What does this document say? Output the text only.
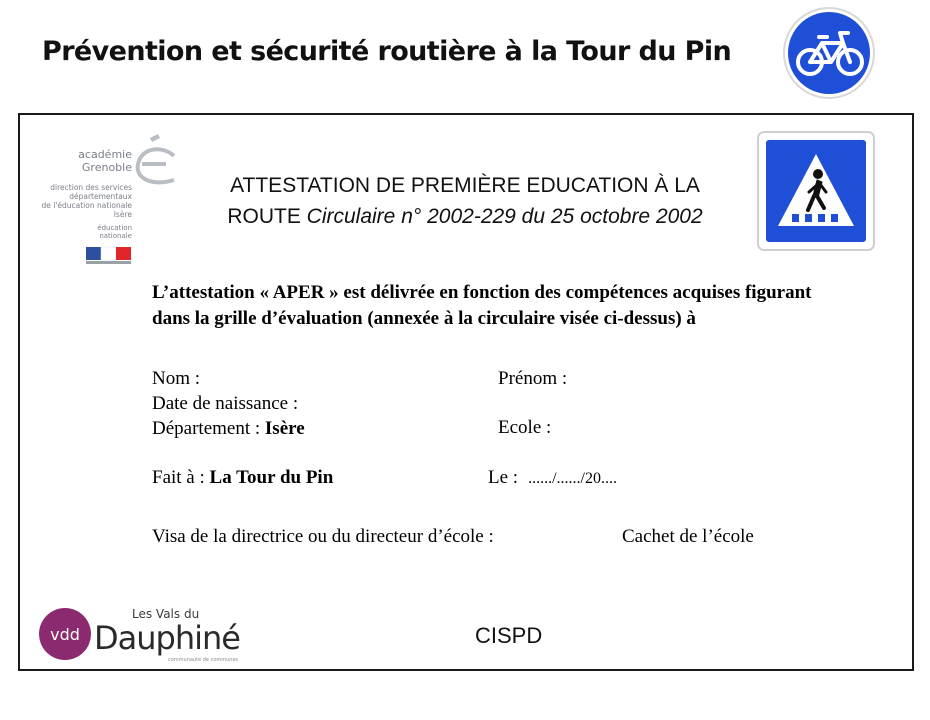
Prévention et sécurité routière à la Tour du Pin
académie
Grenoble
direction des services
départementaux
de l'éducation nationale
Isère
éducation
nationale
ATTESTATION DE PREMIÈRE EDUCATION À LA
ROUTE Circulaire n° 2002-229 du 25 octobre 2002
L’attestation « APER » est délivrée en fonction des compétences acquises figurant
dans la grille d’évaluation (annexée à la circulaire visée ci-dessus) à
Nom :	Prénom :
Date de naissance :
Département : Isère	Ecole :
Fait à : La Tour du Pin	Le : ....../....../20....
Visa de la directrice ou du directeur d’école :	Cachet de l’école
vdd
Les Vals du
Dauphiné
communauté de communes
CISPD
